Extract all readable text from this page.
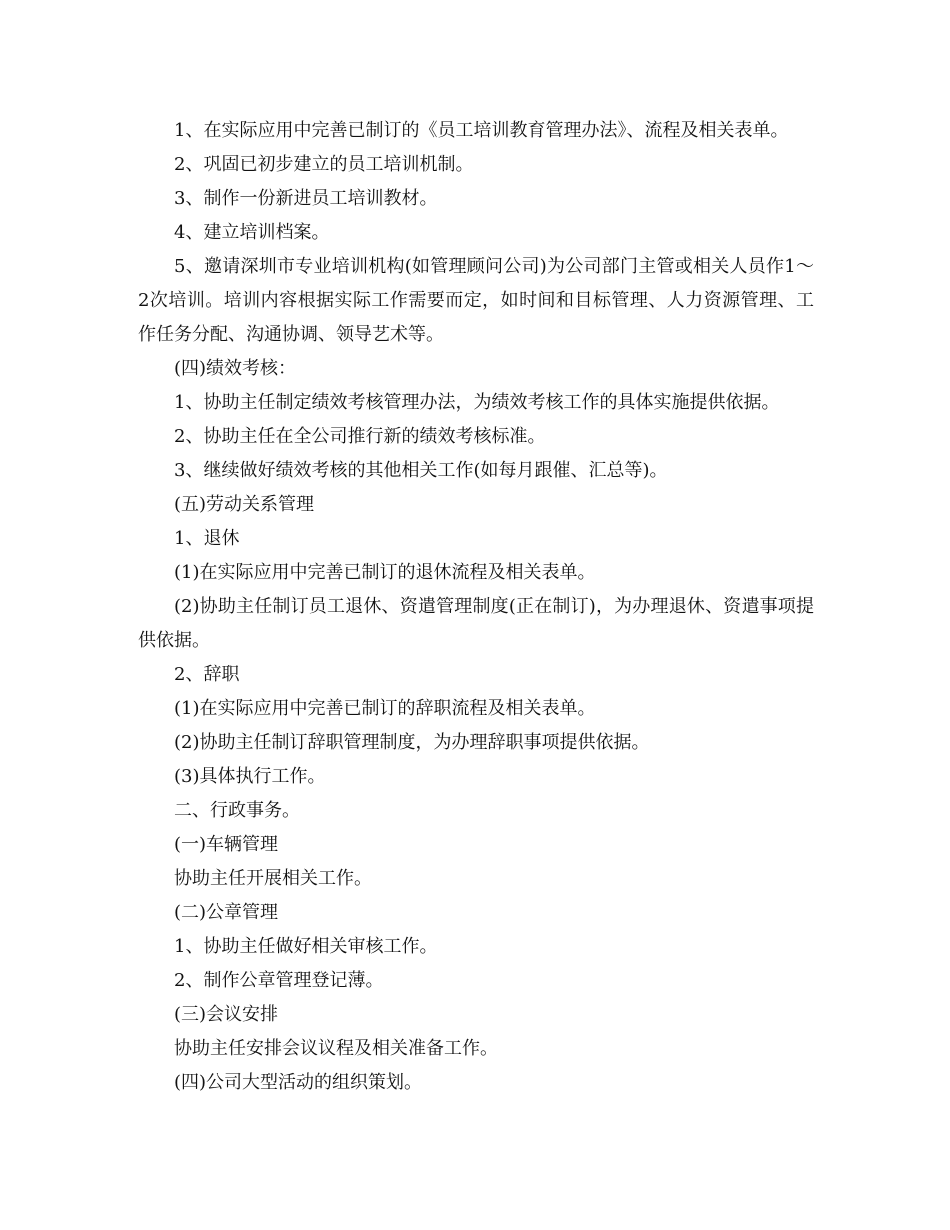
1、在实际应用中完善已制订的《员工培训教育管理办法》、流程及相关表单。

2、巩固已初步建立的员工培训机制。

3、制作一份新进员工培训教材。

4、建立培训档案。

5、邀请深圳市专业培训机构(如管理顾问公司)为公司部门主管或相关人员作1～2次培训。培训内容根据实际工作需要而定，如时间和目标管理、人力资源管理、工作任务分配、沟通协调、领导艺术等。

(四)绩效考核：

1、协助主任制定绩效考核管理办法，为绩效考核工作的具体实施提供依据。

2、协助主任在全公司推行新的绩效考核标准。

3、继续做好绩效考核的其他相关工作(如每月跟催、汇总等)。

(五)劳动关系管理

1、退休

(1)在实际应用中完善已制订的退休流程及相关表单。

(2)协助主任制订员工退休、资遣管理制度(正在制订)，为办理退休、资遣事项提供依据。

2、辞职

(1)在实际应用中完善已制订的辞职流程及相关表单。

(2)协助主任制订辞职管理制度，为办理辞职事项提供依据。

(3)具体执行工作。

二、行政事务。

(一)车辆管理

协助主任开展相关工作。

(二)公章管理

1、协助主任做好相关审核工作。

2、制作公章管理登记薄。

(三)会议安排

协助主任安排会议议程及相关准备工作。

(四)公司大型活动的组织策划。
